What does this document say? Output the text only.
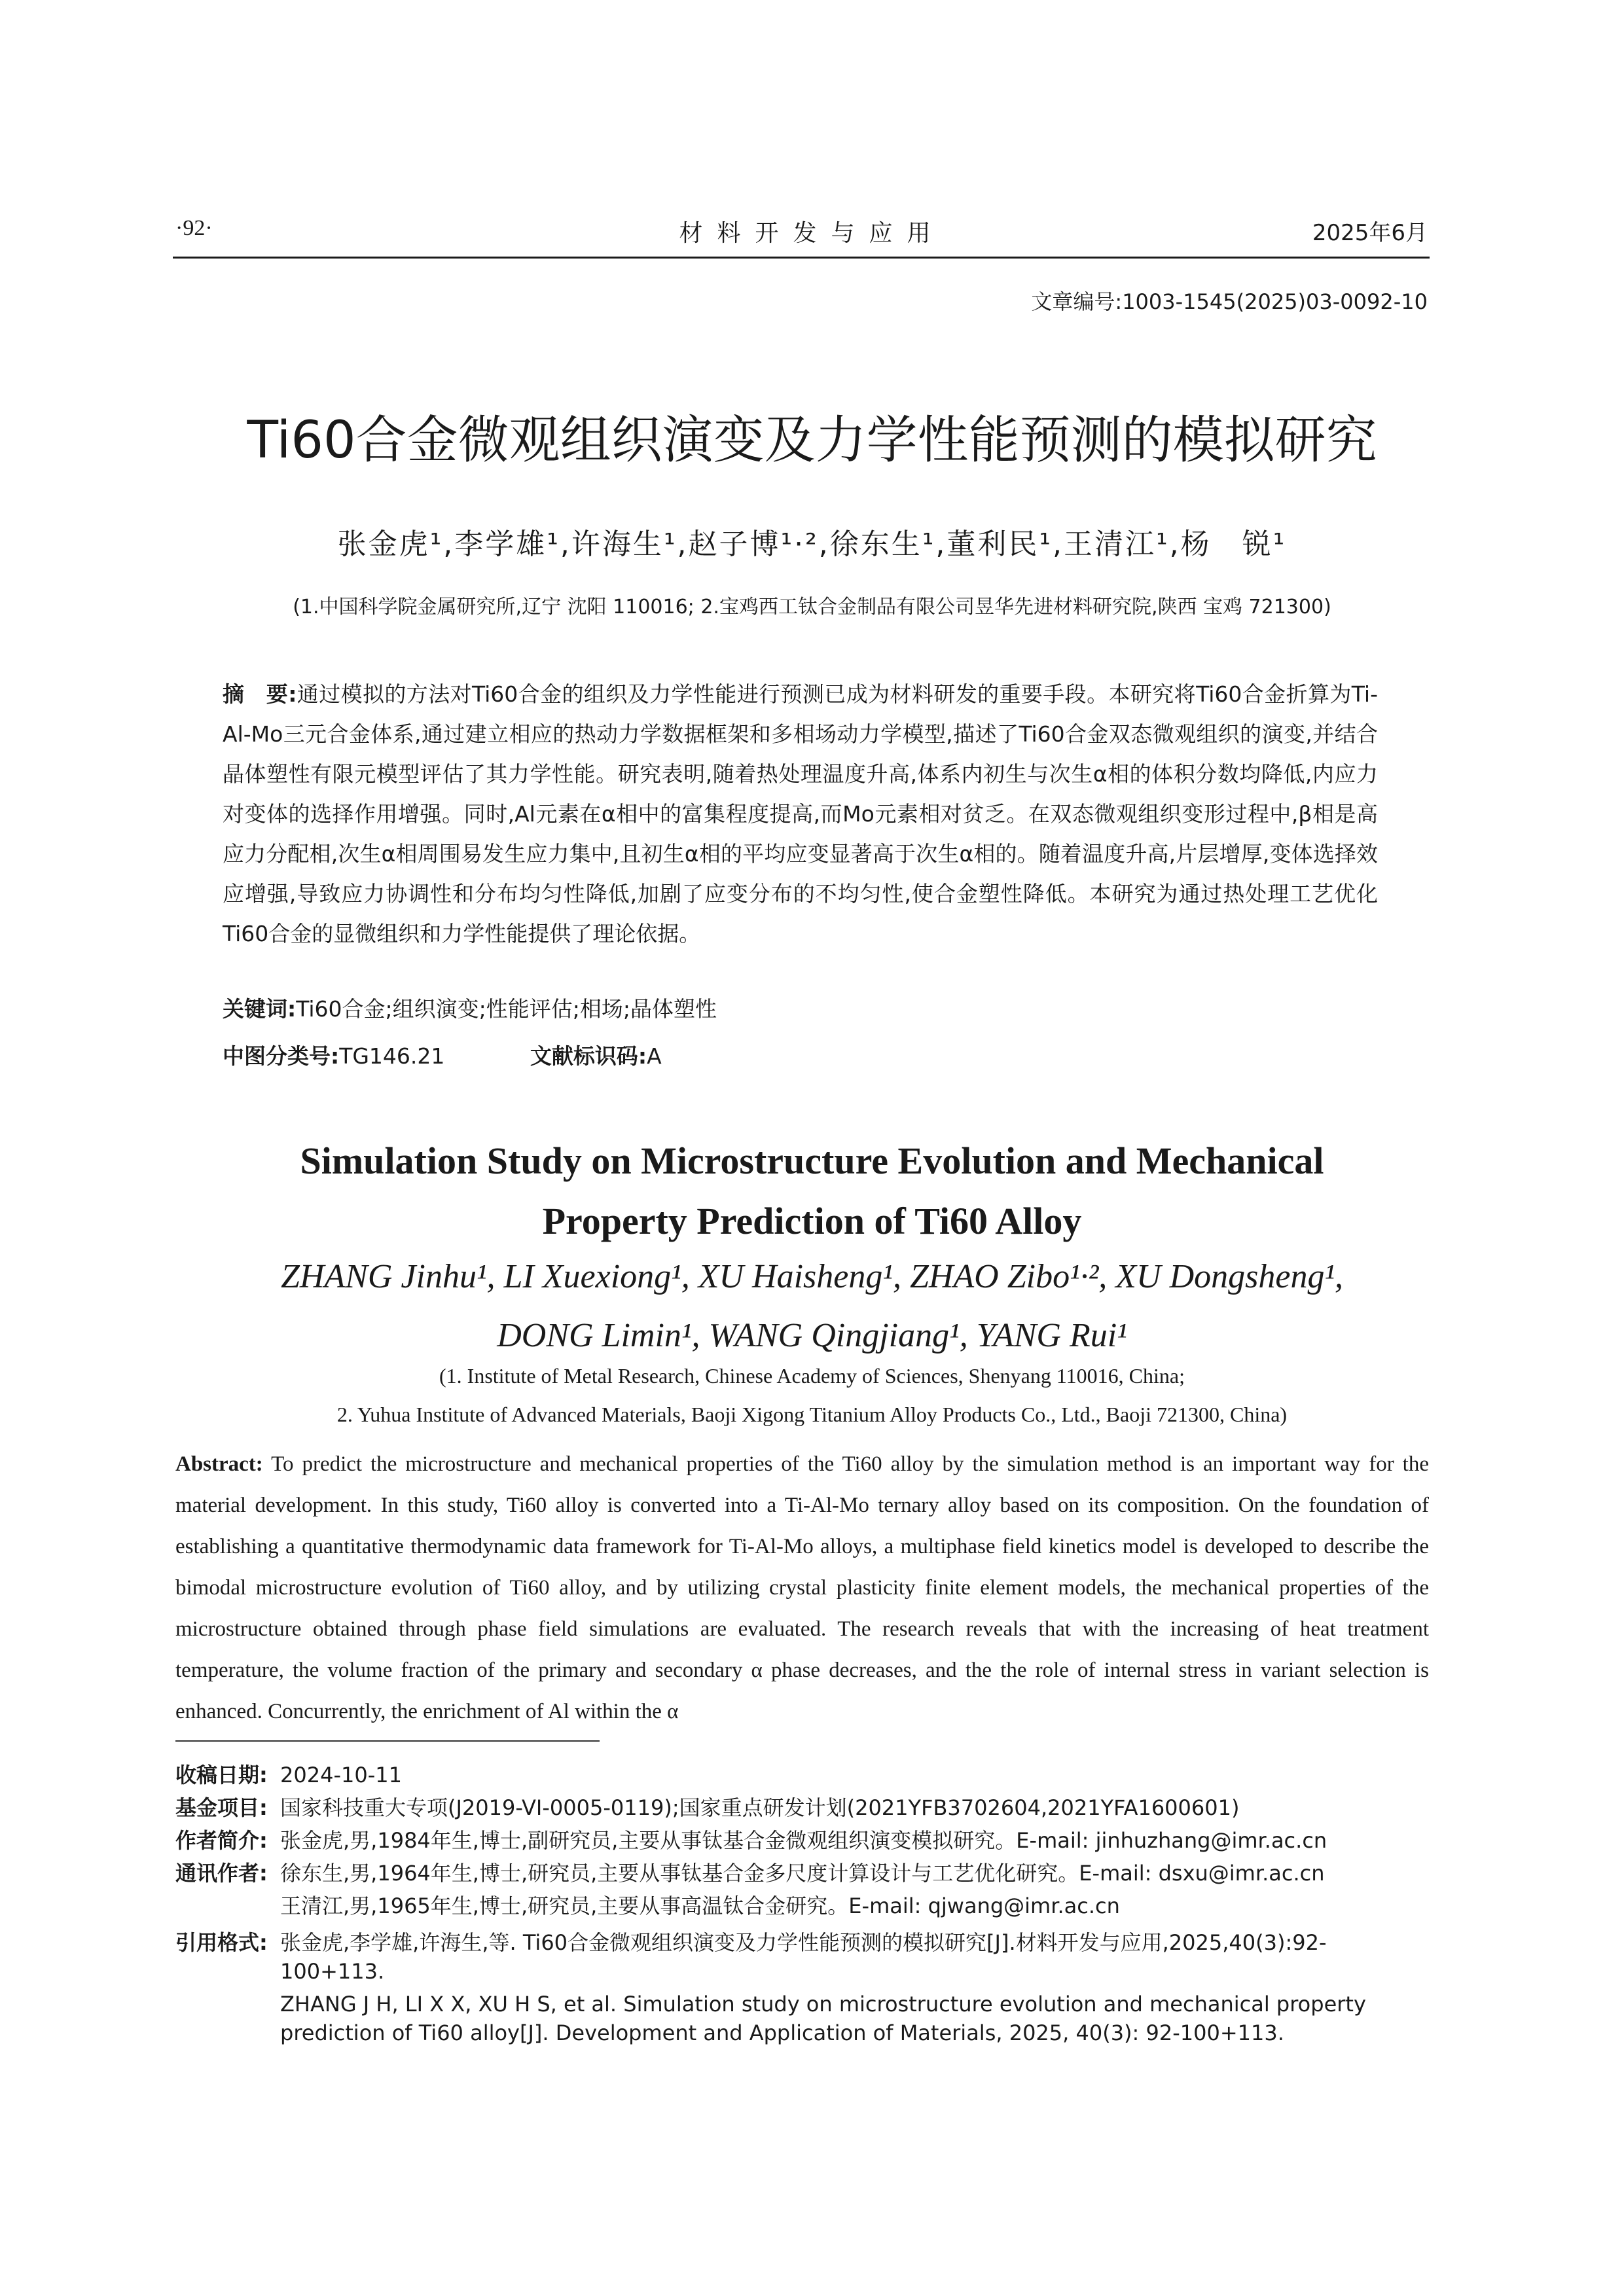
·92·	材料开发与应用	2025年6月
文章编号:1003-1545(2025)03-0092-10
Ti60合金微观组织演变及力学性能预测的模拟研究
张金虎¹,李学雄¹,许海生¹,赵子博¹·²,徐东生¹,董利民¹,王清江¹,杨　锐¹
(1.中国科学院金属研究所,辽宁 沈阳 110016; 2.宝鸡西工钛合金制品有限公司昱华先进材料研究院,陕西 宝鸡 721300)

摘　要:通过模拟的方法对Ti60合金的组织及力学性能进行预测已成为材料研发的重要手段。本研究将Ti60合金折算为Ti-Al-Mo三元合金体系,通过建立相应的热动力学数据框架和多相场动力学模型,描述了Ti60合金双态微观组织的演变,并结合晶体塑性有限元模型评估了其力学性能。研究表明,随着热处理温度升高,体系内初生与次生α相的体积分数均降低,内应力对变体的选择作用增强。同时,Al元素在α相中的富集程度提高,而Mo元素相对贫乏。在双态微观组织变形过程中,β相是高应力分配相,次生α相周围易发生应力集中,且初生α相的平均应变显著高于次生α相的。随着温度升高,片层增厚,变体选择效应增强,导致应力协调性和分布均匀性降低,加剧了应变分布的不均匀性,使合金塑性降低。本研究为通过热处理工艺优化Ti60合金的显微组织和力学性能提供了理论依据。

关键词:Ti60合金;组织演变;性能评估;相场;晶体塑性
中图分类号:TG146.21	文献标识码:A
Simulation Study on Microstructure Evolution and Mechanical
Property Prediction of Ti60 Alloy
ZHANG Jinhu¹, LI Xuexiong¹, XU Haisheng¹, ZHAO Zibo¹·², XU Dongsheng¹,
DONG Limin¹, WANG Qingjiang¹, YANG Rui¹
(1. Institute of Metal Research, Chinese Academy of Sciences, Shenyang 110016, China;
2. Yuhua Institute of Advanced Materials, Baoji Xigong Titanium Alloy Products Co., Ltd., Baoji 721300, China)

Abstract: To predict the microstructure and mechanical properties of the Ti60 alloy by the simulation method is an important way for the material development. In this study, Ti60 alloy is converted into a Ti-Al-Mo ternary alloy based on its composition. On the foundation of establishing a quantitative thermodynamic data framework for Ti-Al-Mo alloys, a multiphase field kinetics model is developed to describe the bimodal microstructure evolution of Ti60 alloy, and by utilizing crystal plasticity finite element models, the mechanical properties of the microstructure obtained through phase field simulations are evaluated. The research reveals that with the increasing of heat treatment temperature, the volume fraction of the primary and secondary α phase decreases, and the the role of internal stress in variant selection is enhanced. Concurrently, the enrichment of Al within the α

收稿日期: 2024-10-11
基金项目: 国家科技重大专项(J2019-VI-0005-0119);国家重点研发计划(2021YFB3702604,2021YFA1600601)
作者简介: 张金虎,男,1984年生,博士,副研究员,主要从事钛基合金微观组织演变模拟研究。E-mail: jinhuzhang@imr.ac.cn
通讯作者: 徐东生,男,1964年生,博士,研究员,主要从事钛基合金多尺度计算设计与工艺优化研究。E-mail: dsxu@imr.ac.cn

王清江,男,1965年生,博士,研究员,主要从事高温钛合金研究。E-mail: qjwang@imr.ac.cn

引用格式: 张金虎,李学雄,许海生,等. Ti60合金微观组织演变及力学性能预测的模拟研究[J].材料开发与应用,2025,40(3):92-100+113.

ZHANG J H, LI X X, XU H S, et al. Simulation study on microstructure evolution and mechanical property prediction of Ti60 alloy[J]. Development and Application of Materials, 2025, 40(3): 92-100+113.
